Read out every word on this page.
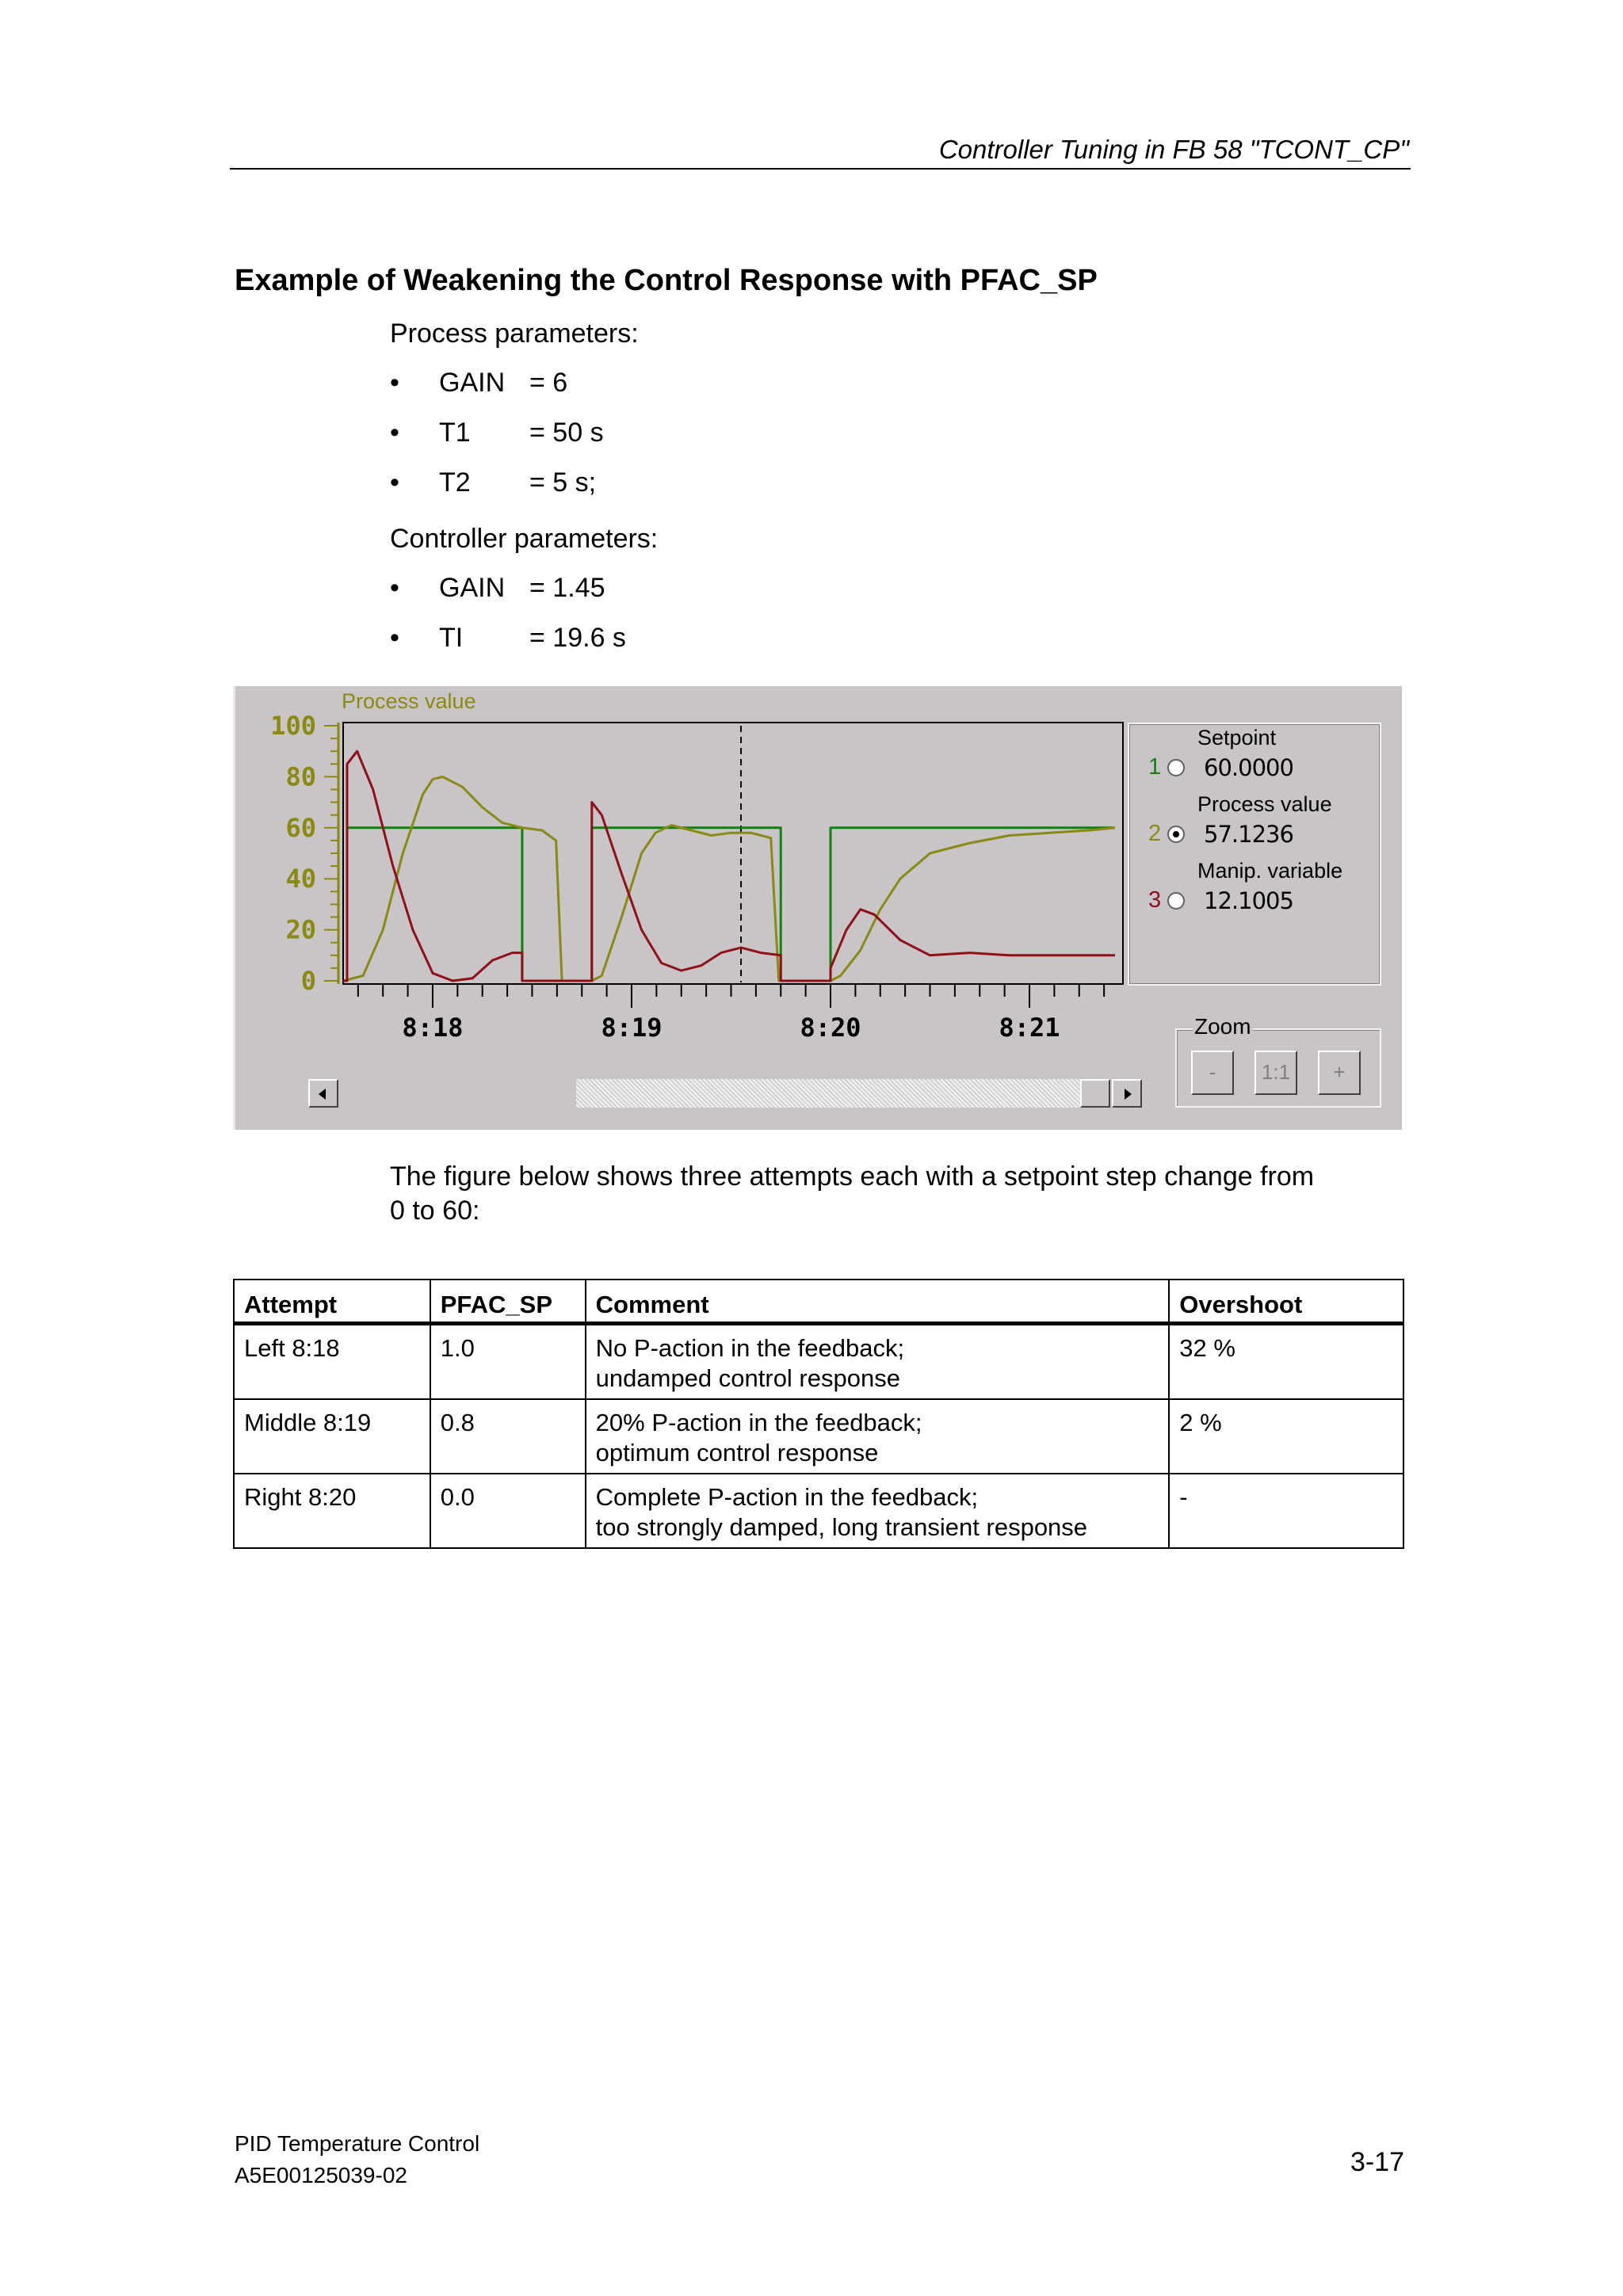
Controller Tuning in FB 58 "TCONT_CP"
Example of Weakening the Control Response with PFAC_SP
Process parameters:
• GAIN = 6
• T1 = 50 s
• T2 = 5 s;
Controller parameters:
• GAIN = 1.45
• TI = 19.6 s
Process value
100
80
60
40
20
0
8:18	8:19	8:20	8:21
Setpoint
1 60.0000
Process value
2 57.1236
Manip. variable
3 12.1005
Zoom
-	1:1	+
The figure below shows three attempts each with a setpoint step change from
0 to 60:
Attempt	PFAC_SP	Comment	Overshoot
Left 8:18	1.0	No P-action in the feedback;
undamped control response	32 %
Middle 8:19	0.8	20% P-action in the feedback;
optimum control response	2 %
Right 8:20	0.0	Complete P-action in the feedback;
too strongly damped, long transient response	-
PID Temperature Control
A5E00125039-02	3-17
